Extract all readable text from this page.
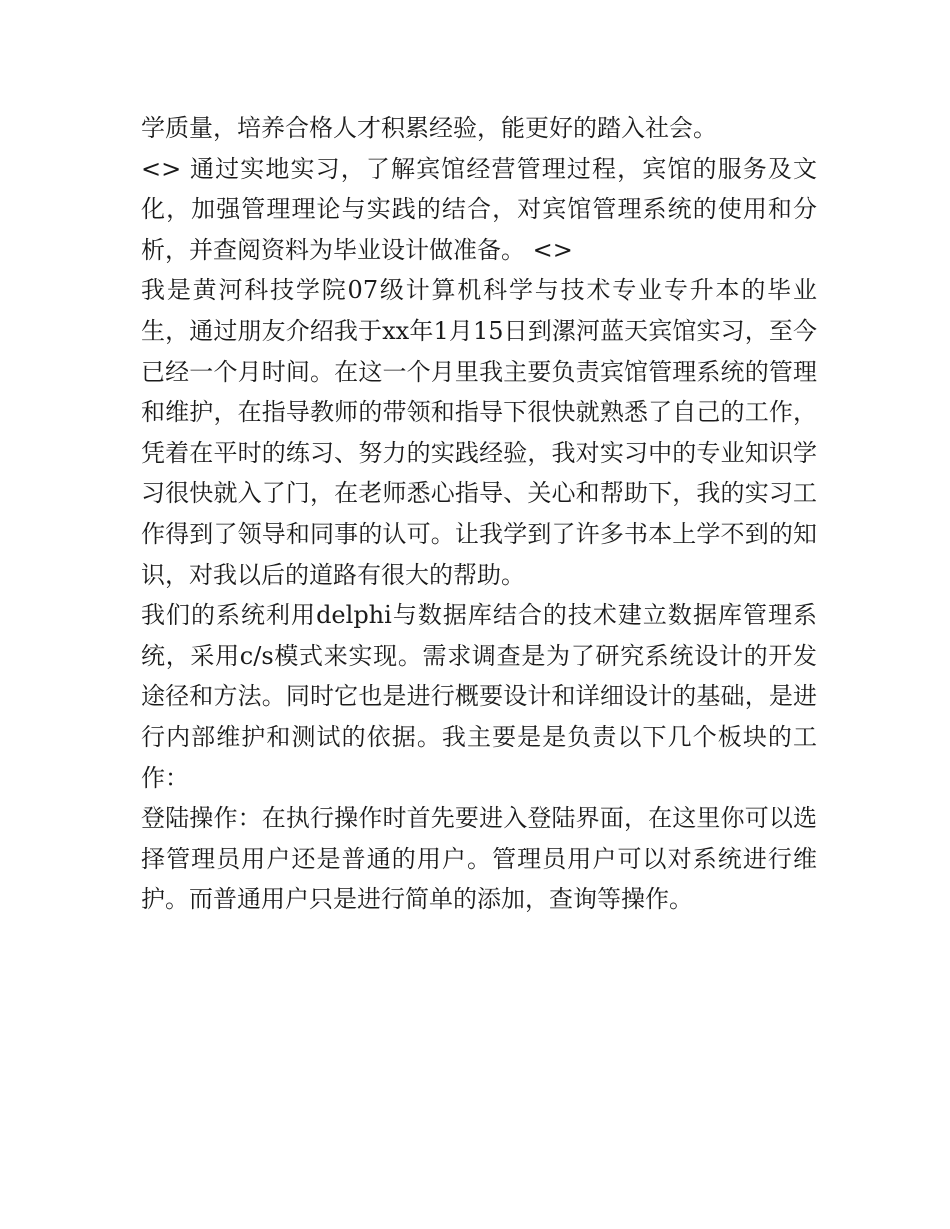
学质量，培养合格人才积累经验，能更好的踏入社会。

<> 通过实地实习，了解宾馆经营管理过程，宾馆的服务及文化，加强管理理论与实践的结合，对宾馆管理系统的使用和分析，并查阅资料为毕业设计做准备。 <>

我是黄河科技学院07级计算机科学与技术专业专升本的毕业生，通过朋友介绍我于xx年1月15日到漯河蓝天宾馆实习，至今已经一个月时间。在这一个月里我主要负责宾馆管理系统的管理和维护，在指导教师的带领和指导下很快就熟悉了自己的工作，凭着在平时的练习、努力的实践经验，我对实习中的专业知识学习很快就入了门，在老师悉心指导、关心和帮助下，我的实习工作得到了领导和同事的认可。让我学到了许多书本上学不到的知识，对我以后的道路有很大的帮助。

我们的系统利用delphi与数据库结合的技术建立数据库管理系统，采用c/s模式来实现。需求调查是为了研究系统设计的开发途径和方法。同时它也是进行概要设计和详细设计的基础，是进行内部维护和测试的依据。我主要是是负责以下几个板块的工作：

登陆操作：在执行操作时首先要进入登陆界面，在这里你可以选择管理员用户还是普通的用户。管理员用户可以对系统进行维护。而普通用户只是进行简单的添加，查询等操作。
